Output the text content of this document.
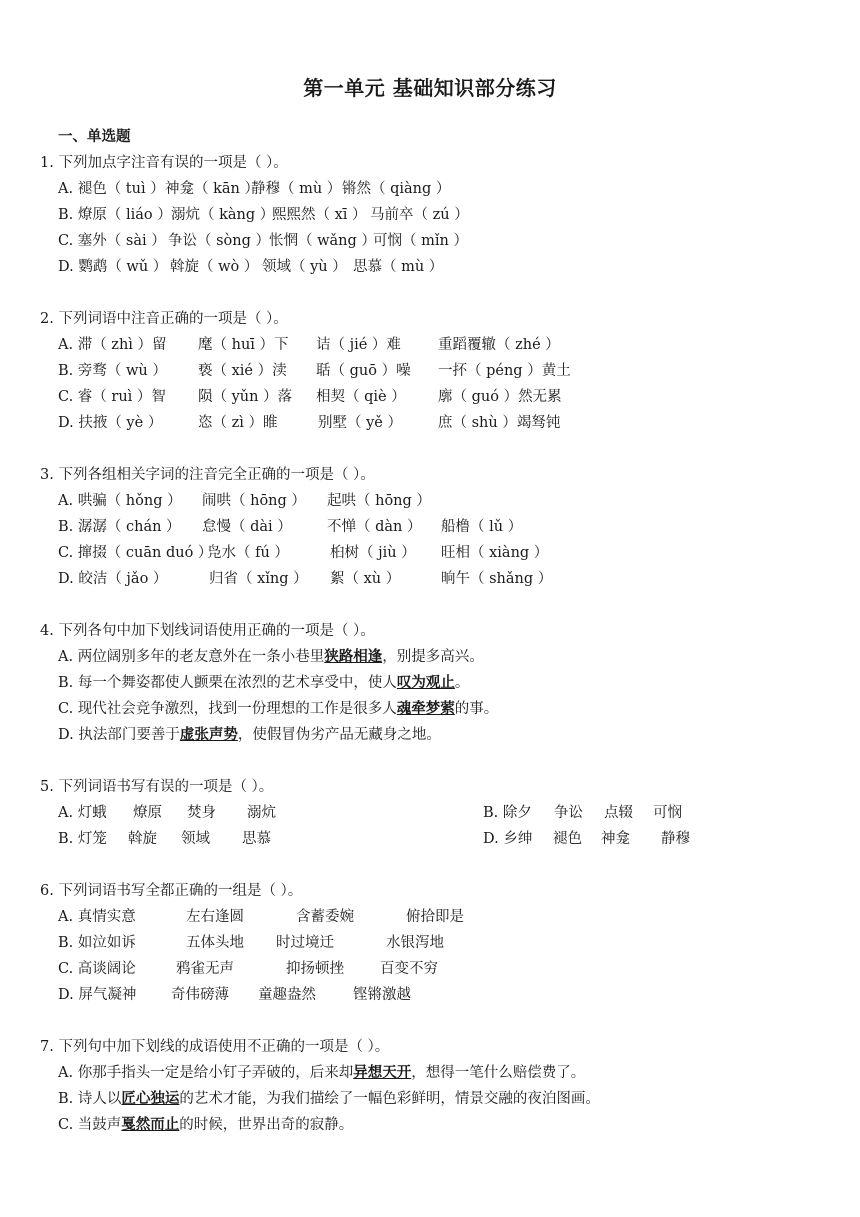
第一单元 基础知识部分练习
一、单选题
1. 下列加点字注音有误的一项是（ ）。
A. 褪色（ tuì ）神龛（ kān ）静穆（ mù ）锵然（ qiàng ）
B. 燎原（ liáo ）溺炕（ kàng ）熙熙然（ xī ） 马前卒（ zú ）
C. 塞外（ sài ） 争讼（ sòng ）怅惘（ wǎng ）可悯（ mǐn ）
D. 鹦鹉（ wǔ ） 斡旋（ wò ） 领域（ yù ） 思慕（ mù ）
2. 下列词语中注音正确的一项是（ ）。
A. 滞（ zhì ）留 麾（ huī ）下 诘（ jié ）难	重蹈覆辙（ zhé ）
B. 旁骛（ wù ） 亵（ xié ）渎 聒（ guō ）噪 一抔（ péng ）黄土
C. 睿（ ruì ）智 陨（ yǔn ）落 相契（ qiè ） 廓（ guó ）然无累
D. 扶掖（ yè ） 恣（ zì ）睢	别墅（ yě ） 庶（ shù ）竭驽钝
3. 下列各组相关字词的注音完全正确的一项是（ ）。
A. 哄骗（ hǒng ） 闹哄（ hōng ） 起哄（ hōng ）
B. 潺潺（ chán ） 怠慢（ dài ） 不惮（ dàn ） 船橹（ lǔ ）
C. 撺掇（ cuān duó ）凫水（ fú ）	桕树（ jiù ） 旺相（ xiàng ）
D. 皎洁（ jǎo ）	归省（ xǐng ） 絮（ xù ）	晌午（ shǎng ）
4. 下列各句中加下划线词语使用正确的一项是（ ）。
A. 两位阔别多年的老友意外在一条小巷里狭路相逢，别提多高兴。
B. 每一个舞姿都使人颤栗在浓烈的艺术享受中，使人叹为观止。
C. 现代社会竞争激烈，找到一份理想的工作是很多人魂牵梦萦的事。
D. 执法部门要善于虚张声势，使假冒伪劣产品无藏身之地。
5. 下列词语书写有误的一项是（ ）。
A. 灯蛾 燎原 焚身 溺炕
B. 灯笼 斡旋 领域 思慕
B. 除夕 争讼 点辍 可悯
D. 乡绅 褪色 神龛 静穆
6. 下列词语书写全都正确的一组是（ ）。
A. 真情实意	左右逢圆	含蓄委婉	俯拾即是
B. 如泣如诉	五体头地 时过境迁	水银泻地
C. 高谈阔论	鸦雀无声	抑扬顿挫 百变不穷
D. 屏气凝神 奇伟磅薄 童趣盎然	铿锵激越
7. 下列句中加下划线的成语使用不正确的一项是（ ）。
A. 你那手指头一定是给小钉子弄破的，后来却异想天开，想得一笔什么赔偿费了。
B. 诗人以匠心独运的艺术才能，为我们描绘了一幅色彩鲜明，情景交融的夜泊图画。
C. 当鼓声戛然而止的时候，世界出奇的寂静。
